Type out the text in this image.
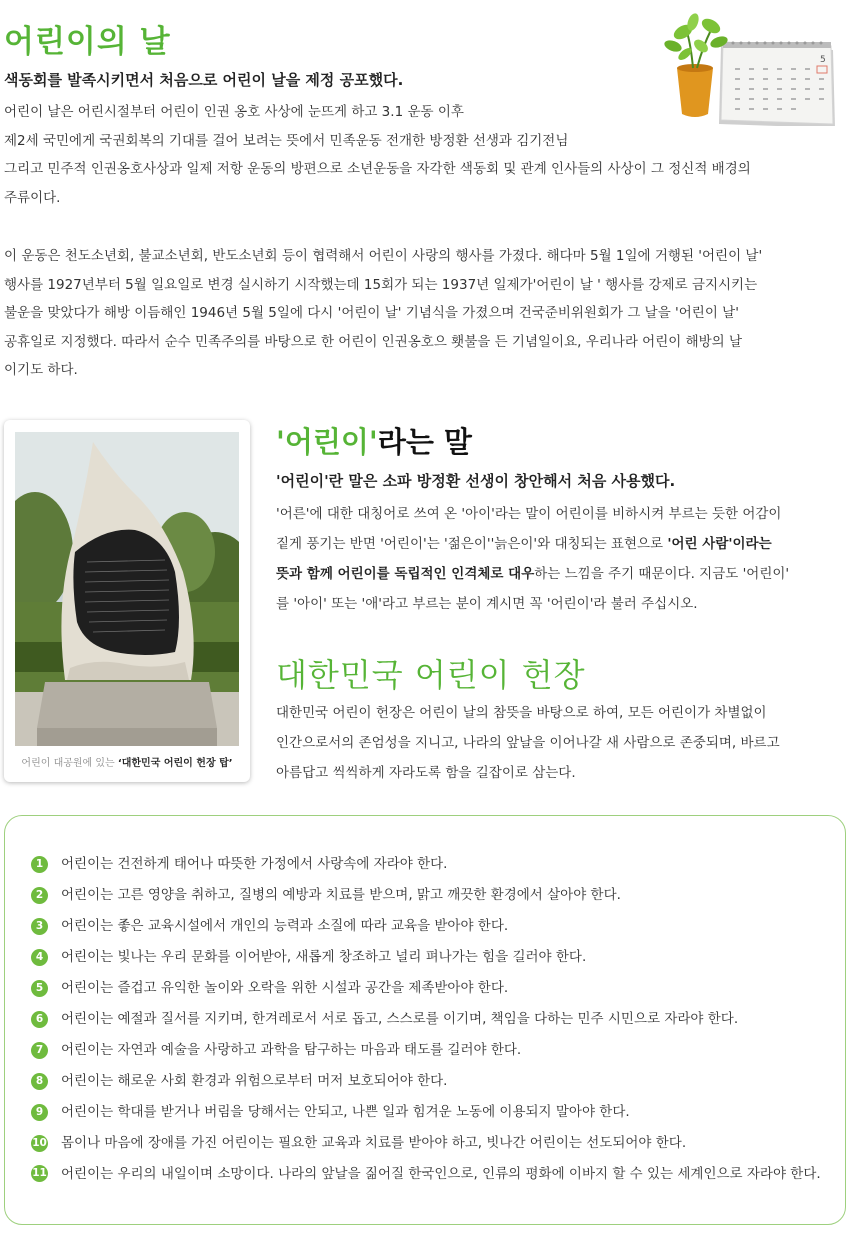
어린이의 날

색동회를 발족시키면서 처음으로 어린이 날을 제정 공포했다.

어린이 날은 어린시절부터 어린이 인권 옹호 사상에 눈뜨게 하고 3.1 운동 이후

제2세 국민에게 국권회복의 기대를 걸어 보려는 뜻에서 민족운동 전개한 방정환 선생과 김기전님

그리고 민주적 인권옹호사상과 일제 저항 운동의 방편으로 소년운동을 자각한 색동회 및 관계 인사들의 사상이 그 정신적 배경의

주류이다.

이 운동은 천도소년회, 불교소년회, 반도소년회 등이 협력해서 어린이 사랑의 행사를 가졌다. 해다마 5월 1일에 거행된 '어린이 날'

행사를 1927년부터 5월 일요일로 변경 실시하기 시작했는데 15회가 되는 1937년 일제가'어린이 날 ' 행사를 강제로 금지시키는

불운을 맞았다가 해방 이듬해인 1946년 5월 5일에 다시 '어린이 날' 기념식을 가졌으며 건국준비위원회가 그 날을 '어린이 날'

공휴일로 지정했다. 따라서 순수 민족주의를 바탕으로 한 어린이 인권옹호으 횃불을 든 기념일이요, 우리나라 어린이 해방의 날

이기도 하다.

5

어린이 대공원에 있는 ‘대한민국 어린이 헌장 탑’

'어린이'라는 말

'어린이'란 말은 소파 방정환 선생이 창안해서 처음 사용했다.

'어른'에 대한 대칭어로 쓰여 온 '아이'라는 말이 어린이를 비하시켜 부르는 듯한 어감이

짙게 풍기는 반면 '어린이'는 '젊은이''늙은이'와 대칭되는 표현으로 '어린 사람'이라는

뜻과 함께 어린이를 독립적인 인격체로 대우하는 느낌을 주기 때문이다. 지금도 '어린이'

를 '아이' 또는 '애'라고 부르는 분이 계시면 꼭 '어린이'라 불러 주십시오.

대한민국 어린이 헌장

대한민국 어린이 헌장은 어린이 날의 참뜻을 바탕으로 하여, 모든 어린이가 차별없이

인간으로서의 존엄성을 지니고, 나라의 앞날을 이어나갈 새 사람으로 존중되며, 바르고

아름답고 씩씩하게 자라도록 함을 길잡이로 삼는다.

1	어린이는 건전하게 태어나 따뜻한 가정에서 사랑속에 자라야 한다.
2	어린이는 고른 영양을 취하고, 질병의 예방과 치료를 받으며, 맑고 깨끗한 환경에서 살아야 한다.
3	어린이는 좋은 교육시설에서 개인의 능력과 소질에 따라 교육을 받아야 한다.
4	어린이는 빛나는 우리 문화를 이어받아, 새롭게 창조하고 널리 펴나가는 힘을 길러야 한다.
5	어린이는 즐겁고 유익한 놀이와 오락을 위한 시설과 공간을 제족받아야 한다.
6	어린이는 예절과 질서를 지키며, 한겨레로서 서로 돕고, 스스로를 이기며, 책임을 다하는 민주 시민으로 자라야 한다.
7	어린이는 자연과 예술을 사랑하고 과학을 탐구하는 마음과 태도를 길러야 한다.
8	어린이는 해로운 사회 환경과 위험으로부터 머저 보호되어야 한다.
9	어린이는 학대를 받거나 버림을 당해서는 안되고, 나쁜 일과 힘겨운 노동에 이용되지 말아야 한다.
10 몸이나 마음에 장애를 가진 어린이는 필요한 교육과 치료를 받아야 하고, 빗나간 어린이는 선도되어야 한다.
11 어린이는 우리의 내일이며 소망이다. 나라의 앞날을 짊어질 한국인으로, 인류의 평화에 이바지 할 수 있는 세계인으로 자라야 한다.
